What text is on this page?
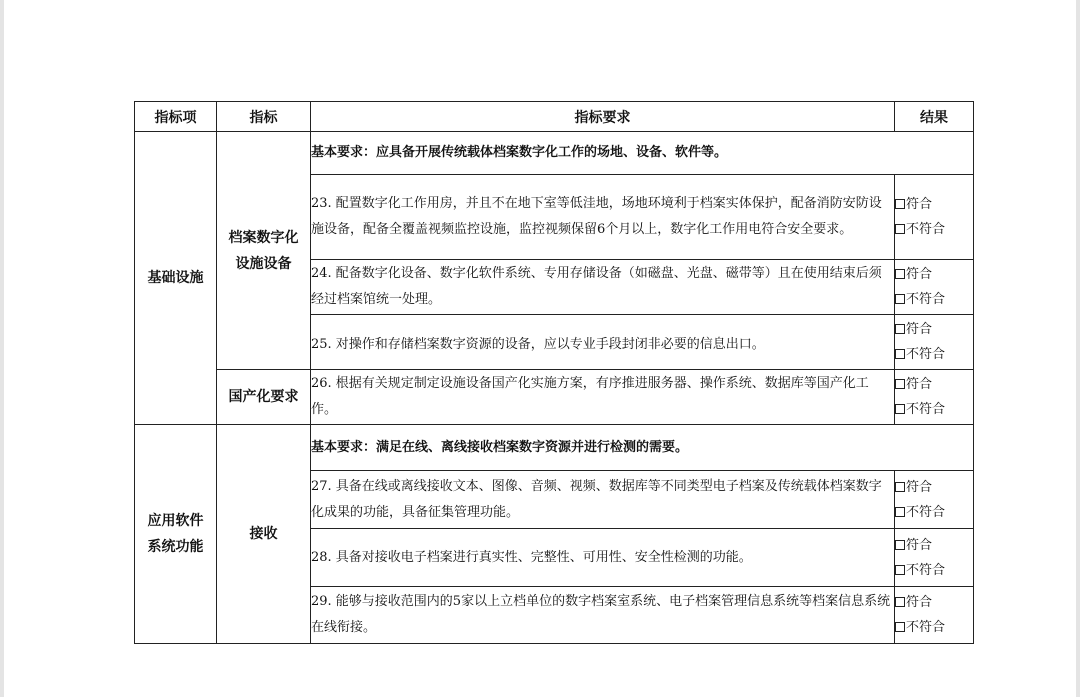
指标项	指标	指标要求	结果
基础设施	档案数字化设施设备	基本要求：应具备开展传统载体档案数字化工作的场地、设备、软件等。	
		23. 配置数字化工作用房，并且不在地下室等低洼地，场地环境利于档案实体保护，配备消防安防设施设备，配备全覆盖视频监控设施，监控视频保留6个月以上，数字化工作用电符合安全要求。	符合
不符合

		24. 配备数字化设备、数字化软件系统、专用存储设备（如磁盘、光盘、磁带等）且在使用结束后须经过档案馆统一处理。	符合
不符合

		25. 对操作和存储档案数字资源的设备，应以专业手段封闭非必要的信息出口。	符合
不符合

	国产化要求	26. 根据有关规定制定设施设备国产化实施方案，有序推进服务器、操作系统、数据库等国产化工作。	符合
不符合

应用软件系统功能	接收	基本要求：满足在线、离线接收档案数字资源并进行检测的需要。	
		27. 具备在线或离线接收文本、图像、音频、视频、数据库等不同类型电子档案及传统载体档案数字化成果的功能，具备征集管理功能。	符合
不符合

		28. 具备对接收电子档案进行真实性、完整性、可用性、安全性检测的功能。	符合
不符合

		29. 能够与接收范围内的5家以上立档单位的数字档案室系统、电子档案管理信息系统等档案信息系统在线衔接。	符合
不符合
大数跨境
